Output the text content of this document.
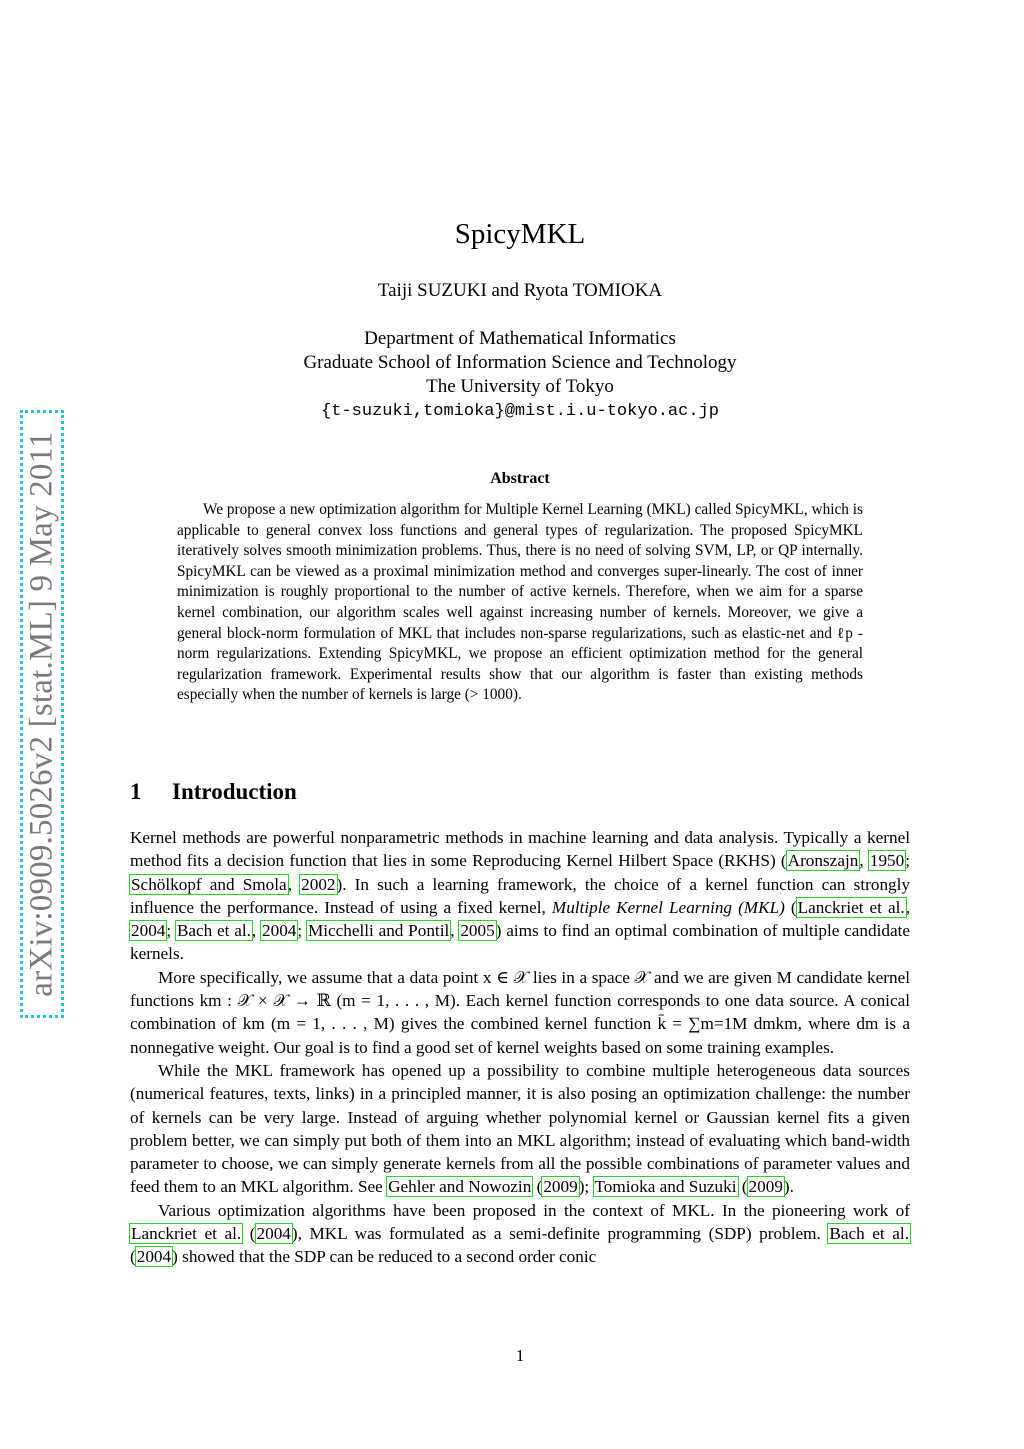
arXiv:0909.5026v2 [stat.ML] 9 May 2011
SpicyMKL
Taiji SUZUKI and Ryota TOMIOKA
Department of Mathematical Informatics
Graduate School of Information Science and Technology
The University of Tokyo
{t-suzuki,tomioka}@mist.i.u-tokyo.ac.jp
Abstract

We propose a new optimization algorithm for Multiple Kernel Learning (MKL) called SpicyMKL, which is applicable to general convex loss functions and general types of regularization. The proposed SpicyMKL iteratively solves smooth minimization problems. Thus, there is no need of solving SVM, LP, or QP internally. SpicyMKL can be viewed as a proximal minimization method and converges super-linearly. The cost of inner minimization is roughly proportional to the number of active kernels. Therefore, when we aim for a sparse kernel combination, our algorithm scales well against increasing number of kernels. Moreover, we give a general block-norm formulation of MKL that includes non-sparse regularizations, such as elastic-net and ℓp -norm regularizations. Extending SpicyMKL, we propose an efficient optimization method for the general regularization framework. Experimental results show that our algorithm is faster than existing methods especially when the number of kernels is large (> 1000).

1 Introduction

Kernel methods are powerful nonparametric methods in machine learning and data analysis. Typically a kernel method fits a decision function that lies in some Reproducing Kernel Hilbert Space (RKHS) (Aronszajn, 1950; Schölkopf and Smola, 2002). In such a learning framework, the choice of a kernel function can strongly influence the performance. Instead of using a fixed kernel, Multiple Kernel Learning (MKL) (Lanckriet et al., 2004; Bach et al., 2004; Micchelli and Pontil, 2005) aims to find an optimal combination of multiple candidate kernels.

More specifically, we assume that a data point x ∈ 𝒳 lies in a space 𝒳 and we are given M candidate kernel functions km : 𝒳 × 𝒳 → ℝ (m = 1, . . . , M). Each kernel function corresponds to one data source. A conical combination of km (m = 1, . . . , M) gives the combined kernel function k̄ = ∑m=1M dmkm, where dm is a nonnegative weight. Our goal is to find a good set of kernel weights based on some training examples.

While the MKL framework has opened up a possibility to combine multiple heterogeneous data sources (numerical features, texts, links) in a principled manner, it is also posing an optimization challenge: the number of kernels can be very large. Instead of arguing whether polynomial kernel or Gaussian kernel fits a given problem better, we can simply put both of them into an MKL algorithm; instead of evaluating which band-width parameter to choose, we can simply generate kernels from all the possible combinations of parameter values and feed them to an MKL algorithm. See Gehler and Nowozin (2009); Tomioka and Suzuki (2009).

Various optimization algorithms have been proposed in the context of MKL. In the pioneering work of Lanckriet et al. (2004), MKL was formulated as a semi-definite programming (SDP) problem. Bach et al. (2004) showed that the SDP can be reduced to a second order conic

1
